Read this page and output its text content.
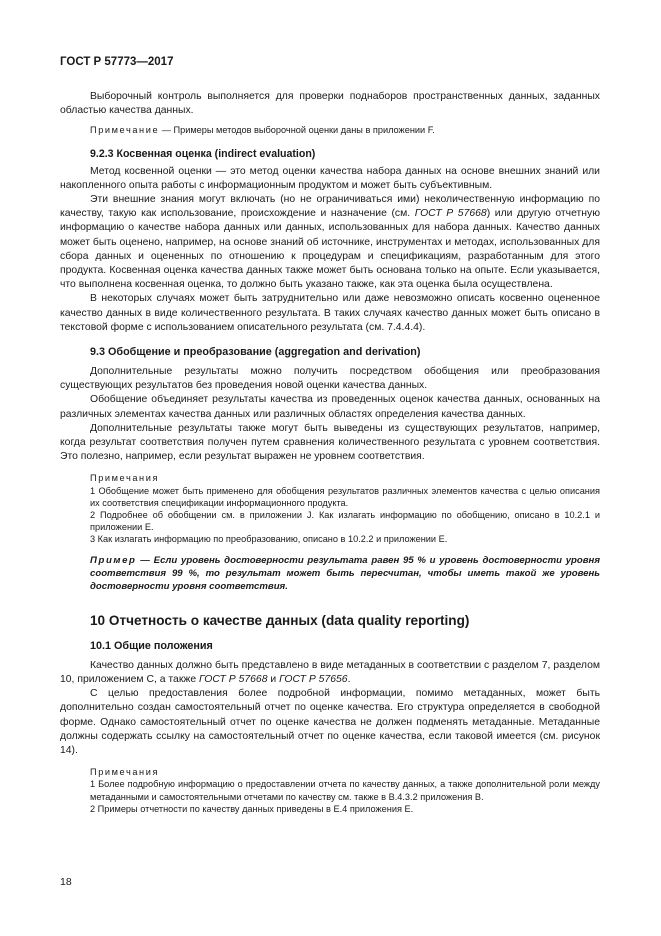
ГОСТ Р 57773—2017

Выборочный контроль выполняется для проверки поднаборов пространственных данных, заданных областью качества данных.

Примечание — Примеры методов выборочной оценки даны в приложении F.

9.2.3 Косвенная оценка (indirect evaluation)

Метод косвенной оценки — это метод оценки качества набора данных на основе внешних знаний или накопленного опыта работы с информационным продуктом и может быть субъективным.

Эти внешние знания могут включать (но не ограничиваться ими) неколичественную информацию по качеству, такую как использование, происхождение и назначение (см. ГОСТ Р 57668) или другую отчетную информацию о качестве набора данных или данных, использованных для набора данных. Качество данных может быть оценено, например, на основе знаний об источнике, инструментах и методах, использованных для сбора данных и оцененных по отношению к процедурам и спецификациям, разработанным для этого продукта. Косвенная оценка качества данных также может быть основана только на опыте. Если указывается, что выполнена косвенная оценка, то должно быть указано также, как эта оценка была осуществлена.

В некоторых случаях может быть затруднительно или даже невозможно описать косвенно оцененное качество данных в виде количественного результата. В таких случаях качество данных может быть описано в текстовой форме с использованием описательного результата (см. 7.4.4.4).

9.3 Обобщение и преобразование (aggregation and derivation)

Дополнительные результаты можно получить посредством обобщения или преобразования существующих результатов без проведения новой оценки качества данных.

Обобщение объединяет результаты качества из проведенных оценок качества данных, основанных на различных элементах качества данных или различных областях определения качества данных.

Дополнительные результаты также могут быть выведены из существующих результатов, например, когда результат соответствия получен путем сравнения количественного результата с уровнем соответствия. Это полезно, например, если результат выражен не уровнем соответствия.

Примечания

1 Обобщение может быть применено для обобщения результатов различных элементов качества с целью описания их соответствия спецификации информационного продукта.

2 Подробнее об обобщении см. в приложении J. Как излагать информацию по обобщению, описано в 10.2.1 и приложении E.

3 Как излагать информацию по преобразованию, описано в 10.2.2 и приложении E.

Пример — Если уровень достоверности результата равен 95 % и уровень достоверности уровня соответствия 99 %, то результат может быть пересчитан, чтобы иметь такой же уровень достоверности уровня соответствия.

10 Отчетность о качестве данных (data quality reporting)
10.1 Общие положения

Качество данных должно быть представлено в виде метаданных в соответствии с разделом 7, разделом 10, приложением C, а также ГОСТ Р 57668 и ГОСТ Р 57656.

С целью предоставления более подробной информации, помимо метаданных, может быть дополнительно создан самостоятельный отчет по оценке качества. Его структура определяется в свободной форме. Однако самостоятельный отчет по оценке качества не должен подменять метаданные. Метаданные должны содержать ссылку на самостоятельный отчет по оценке качества, если таковой имеется (см. рисунок 14).

Примечания

1 Более подробную информацию о предоставлении отчета по качеству данных, а также дополнительной роли между метаданными и самостоятельными отчетами по качеству см. также в B.4.3.2 приложения B.

2 Примеры отчетности по качеству данных приведены в E.4 приложения E.

18
